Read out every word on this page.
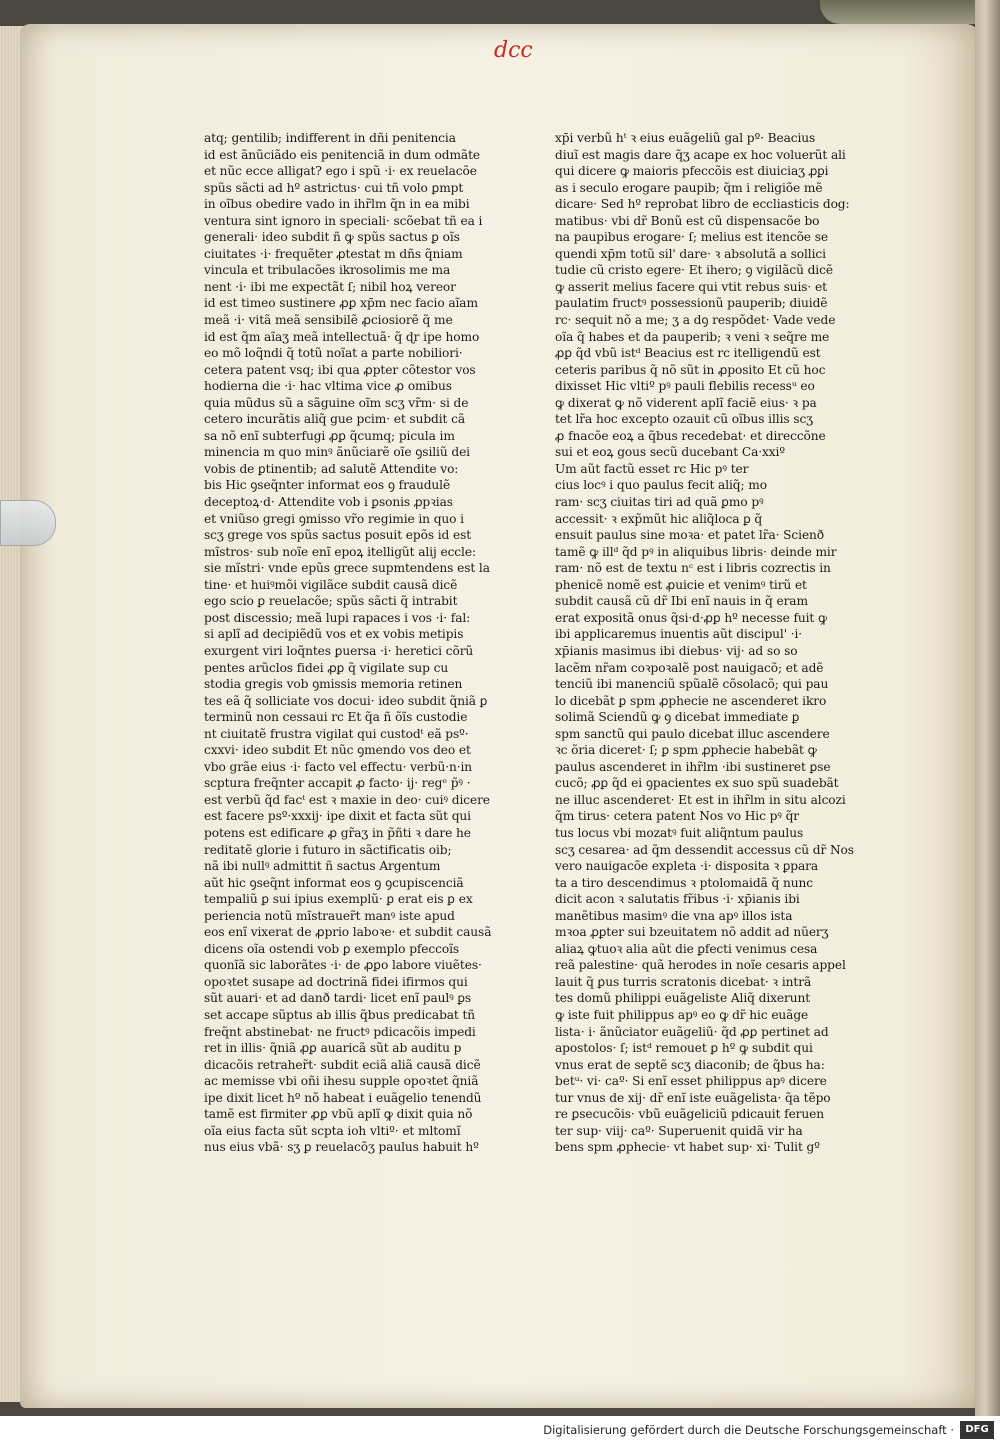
dcc
atq; gentilib; indifferent in dñi penitencia
id est ãnũciãdo eis penitenciã in dum odmãte
et nũc ecce alligat? ego i spũ ·i· ex reuelacõe
spũs sãcti ad hº astrictus· cui tñ volo ꝑmpt
in oĩbus obedire vado in ihr̃lm q̃n in ea mibi
ventura sint ignoro in speciali· scõebat tñ ea i
generali· ideo subdit ñ ꝙ spũs sactus ꝑ oĩs
ciuitates ·i· frequẽter ꝓtestat m dñs q̃niam
vincula et tribulacões ikrosolimis me ma
nent ·i· ibi me expectãt ſ; nibil hoꝝ vereor
id est timeo sustinere ꝓꝑ xp̄m nec facio aĩam
meã ·i· vitã meã sensibilẽ ꝓciosiorẽ q̃ me
id est q̃m aĩaʒ meã intellectuã· q̃ ɖr ipe homo
eo mõ loq̃ndi q̃ totũ noĩat a parte nobiliori·
cetera patent vsq; ibi qua ꝓpter cõtestor vos
hodierna die ·i· hac vltima vice ꝓ omibus
quia mũdus sũ a sãguine oĩm scʒ vr̃m· si de
cetero incurãtis aliq̃ gue pcim· et subdit cã
sa nõ enĩ subterfugi ꝓꝑ q̃cumq; picula im
minencia m quo minꝰ ãnũciarẽ oĩe ꝯsiliũ dei
vobis de ꝑtinentib; ad salutẽ Attendite vo:
bis Hic ꝯseq̃nter informat eos ꝯ fraudulẽ
deceptoꝝ·d· Attendite vob i ꝑsonis ꝓpꝛias
et vniũso gregi ꝯmisso vr̃o regimie in quo i
scʒ grege vos spũs sactus posuit epõs id est
mĩstros· sub noĩe enĩ epoꝝ itelligũt alij eccle:
sie mĩstri· vnde epũs grece supmtendens est la
tine· et huiꝰmõi vigilãce subdit causã dicẽ
ego scio ꝑ reuelacõe; spũs sãcti q̃ intrabit
post discessio; meã lupi rapaces i vos ·i· fal:
si aplĩ ad decipiẽdũ vos et ex vobis metipis
exurgent viri loq̃ntes ꝑuersa ·i· heretici cõrũ
pentes arũclos fidei ꝓꝑ q̃ vigilate sup cu
stodia gregis vob ꝯmissis memoria retinen
tes eã q̃ solliciate vos docui· ideo subdit q̃niã ꝑ
terminũ non cessaui rc Et q̃a ñ õĩs custodie
nt ciuitatẽ frustra vigilat qui custodᵗ eã psº·
cxxvi· ideo subdit Et nũc ꝯmendo vos deo et
vbo grãe eius ·i· facto vel effectu· verbũ·n·in
scptura freq̃nter accapit ꝓ facto· ij· regᵉ p̃ꝰ ·
est verbũ q̃d facᵗ est ꝛ maxie in deo· cuiꝰ dicere
est facere psº·xxxij· ipe dixit et facta sũt qui
potens est edificare ꝓ gr̃aʒ in p̃ñti ꝛ dare he
reditatẽ glorie i futuro in sãctificatis oib;
nã ibi nullꝰ admittit ñ sactus Argentum
aũt hic ꝯseq̃nt informat eos ꝯ ꝯcupiscenciã
tempaliũ ꝑ sui ipius exemplũ· ꝑ erat eis ꝑ ex
periencia notũ mĩstrauer̃t manꝰ iste apud
eos enĩ vixerat de ꝓprio laboꝛe· et subdit causã
dicens oĩa ostendi vob ꝑ exemplo pfeccoĩs
quonĩã sic laborãtes ·i· de ꝓꝑo labore viuẽtes·
opoꝛtet susape ad doctrinã fidei ifirmos qui
sũt auari· et ad danð tardi· licet enĩ paulꝰ ꝑs
set accape sũptus ab illis q̃bus predicabat tñ
freq̃nt abstinebat· ne fructꝰ pdicacõis impedi
ret in illis· q̃niã ꝓꝑ auaricã sũt ab auditu p
dicacõis retraher̃t· subdit eciã aliã causã dicẽ
ac memisse vbi oñi ihesu supple opoꝛtet q̃niã
ipe dixit licet hº nõ habeat i euãgelio tenendũ
tamẽ est firmiter ꝓꝑ vbũ aplĩ ꝙ dixit quia nõ
oĩa eius facta sũt scpta ioh vltiº· et mltomĩ
nus eius vbã· sʒ ꝑ reuelacõʒ paulus habuit hº
xp̄i verbũ hᵗ ꝛ eius euãgeliũ gal pº· Beacius
diuĩ est magis dare q̃ʒ acape ex hoc voluerũt ali
qui dicere ꝙ maioris pfeccõis est diuiciaʒ ꝓꝑi
as i seculo erogare paupib; q̃m i religiõe mẽ
dicare· Sed hº reprobat libro de eccliasticis dog:
matibus· vbi dr̃ Bonũ est cũ dispensacõe bo
na paupibus erogare· ſ; melius est itencõe se
quendi xp̄m totũ sil' dare· ꝛ absolutã a sollici
tudie cũ cristo egere· Et ihero; ꝯ vigilãcũ dicẽ
ꝙ asserit melius facere qui vtit rebus suis· et
paulatim fructꝰ possessionũ pauperib; diuidẽ
rc· sequit nõ a me; ʒ a dꝯ respõdet· Vade vede
oĩa q̃ habes et da pauperib; ꝛ veni ꝛ seq̃re me
ꝓꝑ q̃d vbũ istᵈ Beacius est rc itelligendũ est
ceteris paribus q̃ nõ sũt in ꝓposito Et cũ hoc
dixisset Hic vltiº pꝰ pauli flebilis recessᵘ eo
ꝙ dixerat ꝙ nõ viderent aplĩ faciẽ eius· ꝛ pa
tet lr̃a hoc excepto ozauit cũ oĩbus illis scʒ
ꝓ fnacõe eoꝝ a q̃bus recedebat· et direccõne
sui et eoꝝ gous secũ ducebant Ca·xxiº
Um aũt factũ esset rc Hic pꝰ ter
cius locꝰ i quo paulus fecit aliq̃; mo
ram· scʒ ciuitas tiri ad quã ꝑmo pꝰ
accessit· ꝛ exp̃mũt hic aliq̃loca ꝑ q̃
ensuit paulus sine moꝛa· et patet lr̃a· Scienð
tamẽ ꝙ illᵈ q̃d pꝰ in aliquibus libris· deinde mir
ram· nõ est de textu nᶜ est i libris cozrectis in
phenicẽ nomẽ est ꝓuicie et venimꝰ tirũ et
subdit causã cũ dr̃ Ibi enĩ nauis in q̃ eram
erat expositã onus q̃si·d·ꝓꝑ hº necesse fuit ꝙ
ibi applicaremus inuentis aũt discipul' ·i·
xp̄ianis masimus ibi diebus· vij· ad so so
lacẽm nr̃am coꝛpoꝛalẽ post nauigacõ; et adẽ
tenciũ ibi manenciũ spũalẽ cõsolacõ; qui pau
lo dicebãt ꝑ spm ꝓphecie ne ascenderet ikro
solimã Sciendũ ꝙ ꝯ dicebat immediate ꝑ
spm sanctũ qui paulo dicebat illuc ascendere
ꝛc õria diceret· ſ; ꝑ spm ꝓphecie habebãt ꝙ
paulus ascenderet in ihr̃lm ·ibi sustineret ꝑse
cucõ; ꝓꝑ q̃d ei ꝯpacientes ex suo spũ suadebãt
ne illuc ascenderet· Et est in ihr̃lm in situ alcozi
q̃m tirus· cetera patent Nos vo Hic pꝰ q̃r
tus locus vbi mozatꝰ fuit aliq̃ntum paulus
scʒ cesarea· ad q̃m dessendit accessus cũ dr̃ Nos
vero nauigacõe expleta ·i· disposita ꝛ ꝑpara
ta a tiro descendimus ꝛ ptolomaidã q̃ nunc
dicit acon ꝛ salutatis fr̃ibus ·i· xp̄ianis ibi
manẽtibus masimꝰ die vna apꝰ illos ista
mꝛoa ꝓꝑter sui bzeuitatem nõ addit ad nũerʒ
aliaꝝ ꝙtuoꝛ alia aũt die ꝑfecti venimus cesa
reã palestine· quã herodes in noĩe cesaris appel
lauit q̃ ꝑus turris scratonis dicebat· ꝛ intrã
tes domũ philippi euãgeliste Aliq̃ dixerunt
ꝙ iste fuit philippus apꝰ eo ꝙ dr̃ hic euãge
lista· i· ãnũciator euãgeliũ· q̃d ꝓꝑ pertinet ad
apostolos· ſ; istᵈ remouet ꝑ hº ꝙ subdit qui
vnus erat de septẽ scʒ diaconib; de q̃bus ha:
betᵘ· vi· caº· Si enĩ esset philippus apꝰ dicere
tur vnus de xij· dr̃ enĩ iste euãgelista· q̃a tẽpo
re ꝑsecucõis· vbũ euãgeliciũ pdicauit feruen
ter sup· viij· caº· Superuenit quidã vir ha
bens spm ꝓphecie· vt habet sup· xi· Tulit gº
Digitalisierung gefördert durch die Deutsche Forschungsgemeinschaft ·	DFG
